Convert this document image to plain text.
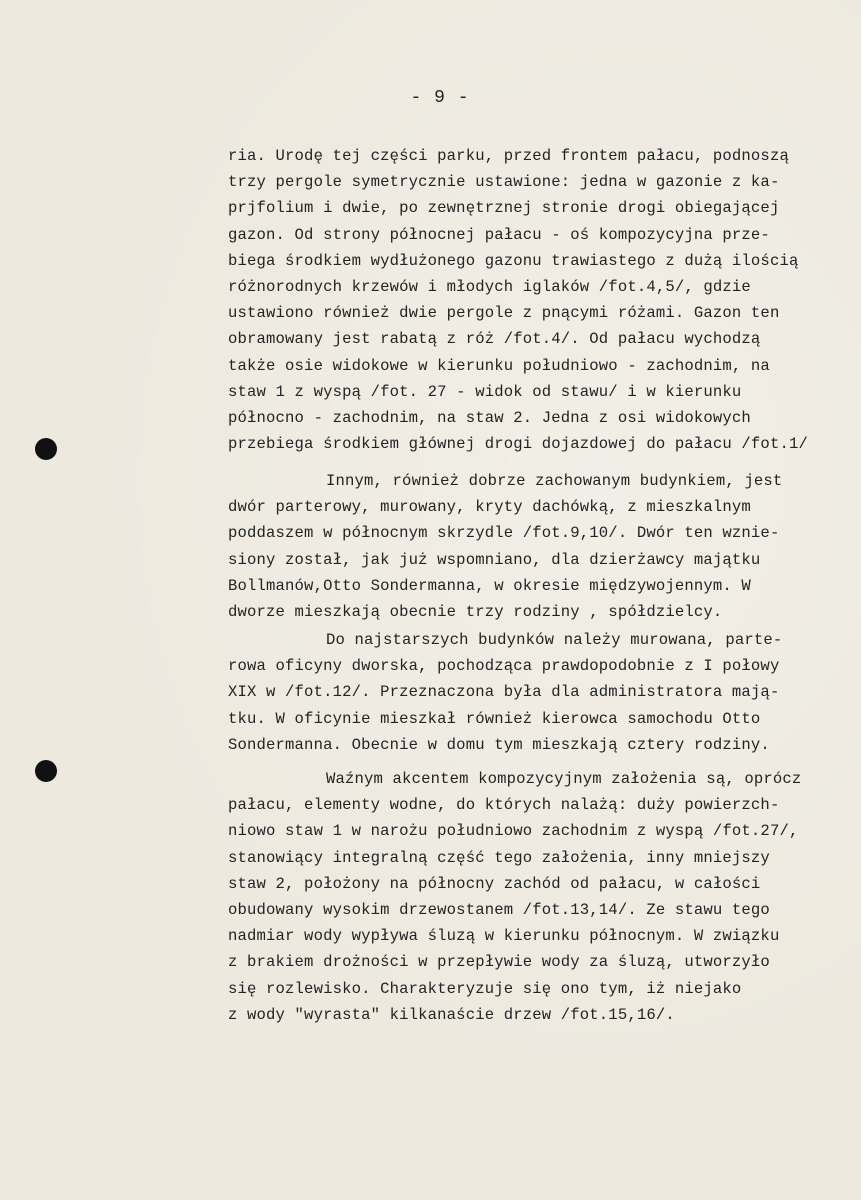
- 9 -
ria. Urodę tej części parku, przed frontem pałacu, podnoszą
trzy pergole symetrycznie ustawione: jedna w gazonie z ka-
prjfolium i dwie, po zewnętrznej stronie drogi obiegającej
gazon. Od strony północnej pałacu - oś kompozycyjna prze-
biega środkiem wydłużonego gazonu trawiastego z dużą ilością
różnorodnych krzewów i młodych iglaków /fot.4,5/, gdzie
ustawiono również dwie pergole z pnącymi różami. Gazon ten
obramowany jest rabatą z róż /fot.4/. Od pałacu wychodzą
także osie widokowe w kierunku południowo - zachodnim, na
staw 1 z wyspą /fot. 27 - widok od stawu/ i w kierunku
północno - zachodnim, na staw 2. Jedna z osi widokowych
przebiega środkiem głównej drogi dojazdowej do pałacu /fot.1/
Innym, również dobrze zachowanym budynkiem, jest
dwór parterowy, murowany, kryty dachówką, z mieszkalnym
poddaszem w północnym skrzydle /fot.9,10/. Dwór ten wznie-
siony został, jak już wspomniano, dla dzierżawcy majątku
Bollmanów,Otto Sondermanna, w okresie międzywojennym. W
dworze mieszkają obecnie trzy rodziny , spółdzielcy.
Do najstarszych budynków należy murowana, parte-
rowa oficyny dworska, pochodząca prawdopodobnie z I połowy
XIX w /fot.12/. Przeznaczona była dla administratora mają-
tku. W oficynie mieszkał również kierowca samochodu Otto
Sondermanna. Obecnie w domu tym mieszkają cztery rodziny.
Waźnym akcentem kompozycyjnym założenia są, oprócz
pałacu, elementy wodne, do których nalażą: duży powierzch-
niowo staw 1 w narożu południowo zachodnim z wyspą /fot.27/,
stanowiący integralną część tego założenia, inny mniejszy
staw 2, położony na północny zachód od pałacu, w całości
obudowany wysokim drzewostanem /fot.13,14/. Ze stawu tego
nadmiar wody wypływa śluzą w kierunku północnym. W związku
z brakiem drożności w przepływie wody za śluzą, utworzyło
się rozlewisko. Charakteryzuje się ono tym, iż niejako
z wody "wyrasta" kilkanaście drzew /fot.15,16/.
